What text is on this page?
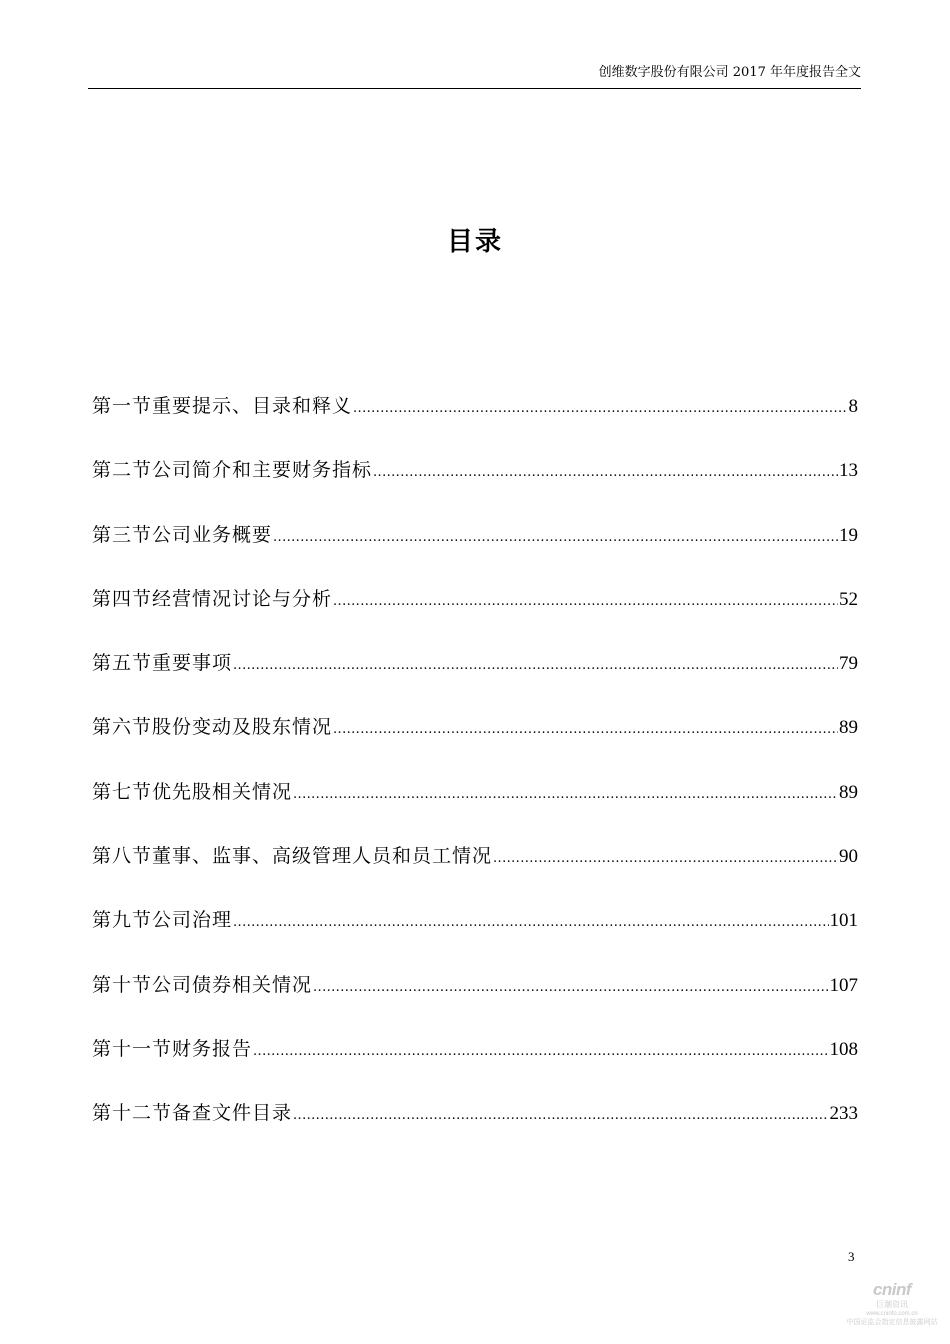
创维数字股份有限公司 2017 年年度报告全文
目录
第一节重要提示、目录和释义 .....	8
第二节公司简介和主要财务指标 .....	13
第三节公司业务概要 .....	19
第四节经营情况讨论与分析 .....	52
第五节重要事项 .....	79
第六节股份变动及股东情况 .....	89
第七节优先股相关情况 .....	89
第八节董事、监事、高级管理人员和员工情况 .....	90
第九节公司治理 .....	101
第十节公司债券相关情况 .....	107
第十一节财务报告 .....	108
第十二节备查文件目录 .....	233
3
cninf
巨潮资讯
www.cninfo.com.cn
中国证监会指定信息披露网站
